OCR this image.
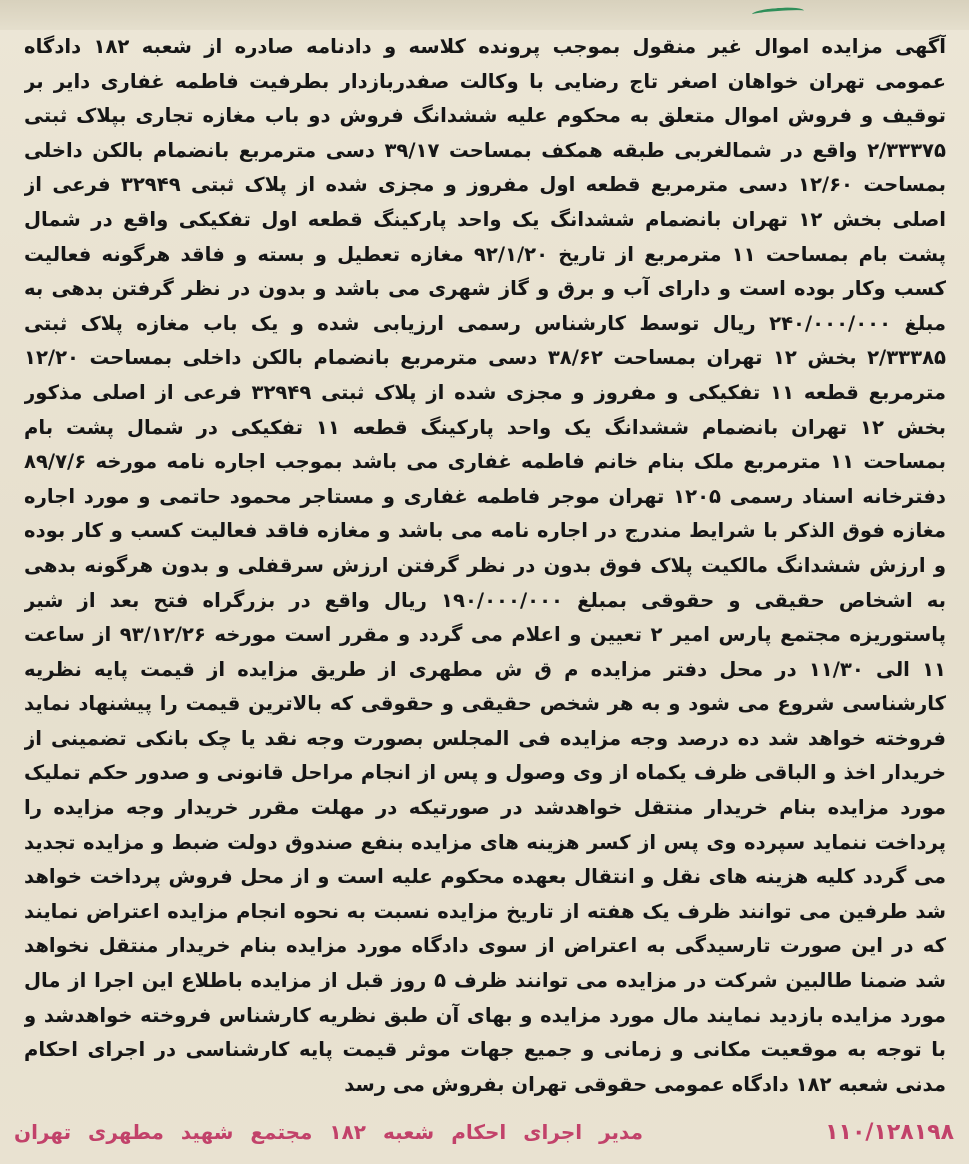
آگهی مزایده اموال غیر منقول بموجب پرونده کلاسه و دادنامه صادره از شعبه ۱۸۲ دادگاه عمومی تهران خواهان اصغر تاج رضایی با وکالت صفدربازدار بطرفیت فاطمه غفاری دایر بر توقیف و فروش اموال متعلق به محکوم علیه ششدانگ فروش دو باب مغازه تجاری بپلاک ثبتی ۲/۳۳۳۷۵ واقع در شمالغربی طبقه همکف بمساحت ۳۹/۱۷ دسی مترمربع بانضمام بالکن داخلی بمساحت ۱۲/۶۰ دسی مترمربع قطعه اول مفروز و مجزی شده از پلاک ثبتی ۳۲۹۴۹ فرعی از اصلی بخش ۱۲ تهران بانضمام ششدانگ یک واحد پارکینگ قطعه اول تفکیکی واقع در شمال پشت بام بمساحت ۱۱ مترمربع از تاریخ ۹۲/۱/۲۰ مغازه تعطیل و بسته و فاقد هرگونه فعالیت کسب وکار بوده است و دارای آب و برق و گاز شهری می باشد و بدون در نظر گرفتن بدهی به مبلغ ۲۴۰/۰۰۰/۰۰۰ ریال توسط کارشناس رسمی ارزیابی شده و یک باب مغازه پلاک ثبتی ۲/۳۳۳۸۵ بخش ۱۲ تهران بمساحت ۳۸/۶۲ دسی مترمربع بانضمام بالکن داخلی بمساحت ۱۲/۲۰ مترمربع قطعه ۱۱ تفکیکی و مفروز و مجزی شده از پلاک ثبتی ۳۲۹۴۹ فرعی از اصلی مذکور بخش ۱۲ تهران بانضمام ششدانگ یک واحد پارکینگ قطعه ۱۱ تفکیکی در شمال پشت بام بمساحت ۱۱ مترمربع ملک بنام خانم فاطمه غفاری می باشد بموجب اجاره نامه مورخه ۸۹/۷/۶ دفترخانه اسناد رسمی ۱۲۰۵ تهران موجر فاطمه غفاری و مستاجر محمود حاتمی و مورد اجاره مغازه فوق الذکر با شرایط مندرج در اجاره نامه می باشد و مغازه فاقد فعالیت کسب و کار بوده و ارزش ششدانگ مالکیت پلاک فوق بدون در نظر گرفتن ارزش سرقفلی و بدون هرگونه بدهی به اشخاص حقیقی و حقوقی بمبلغ ۱۹۰/۰۰۰/۰۰۰ ریال واقع در بزرگراه فتح بعد از شیر پاستوریزه مجتمع پارس امیر ۲ تعیین و اعلام می گردد و مقرر است مورخه ۹۳/۱۲/۲۶ از ساعت ۱۱ الی ۱۱/۳۰ در محل دفتر مزایده م ق ش مطهری از طریق مزایده از قیمت پایه نظریه کارشناسی شروع می شود و به هر شخص حقیقی و حقوقی که بالاترین قیمت را پیشنهاد نماید فروخته خواهد شد ده درصد وجه مزایده فی المجلس بصورت وجه نقد یا چک بانکی تضمینی از خریدار اخذ و الباقی ظرف یکماه از وی وصول و پس از انجام مراحل قانونی و صدور حکم تملیک مورد مزایده بنام خریدار منتقل خواهدشد در صورتیکه در مهلت مقرر خریدار وجه مزایده را پرداخت ننماید سپرده وی پس از کسر هزینه های مزایده بنفع صندوق دولت ضبط و مزایده تجدید می گردد کلیه هزینه های نقل و انتقال بعهده محکوم علیه است و از محل فروش پرداخت خواهد شد طرفین می توانند ظرف یک هفته از تاریخ مزایده نسبت به نحوه انجام مزایده اعتراض نمایند که در این صورت تارسیدگی به اعتراض از سوی دادگاه مورد مزایده بنام خریدار منتقل نخواهد شد ضمنا طالبین شرکت در مزایده می توانند ظرف ۵ روز قبل از مزایده باطلاع این اجرا از مال مورد مزایده بازدید نمایند مال مورد مزایده و بهای آن طبق نظریه کارشناس فروخته خواهدشد و با توجه به موقعیت مکانی و زمانی و جمیع جهات موثر قیمت پایه کارشناسی در اجرای احکام مدنی شعبه ۱۸۲ دادگاه عمومی حقوقی تهران بفروش می رسد
مدیر اجرای احکام شعبه ۱۸۲ مجتمع شهید مطهری تهران	۱۱۰/۱۲۸۱۹۸
